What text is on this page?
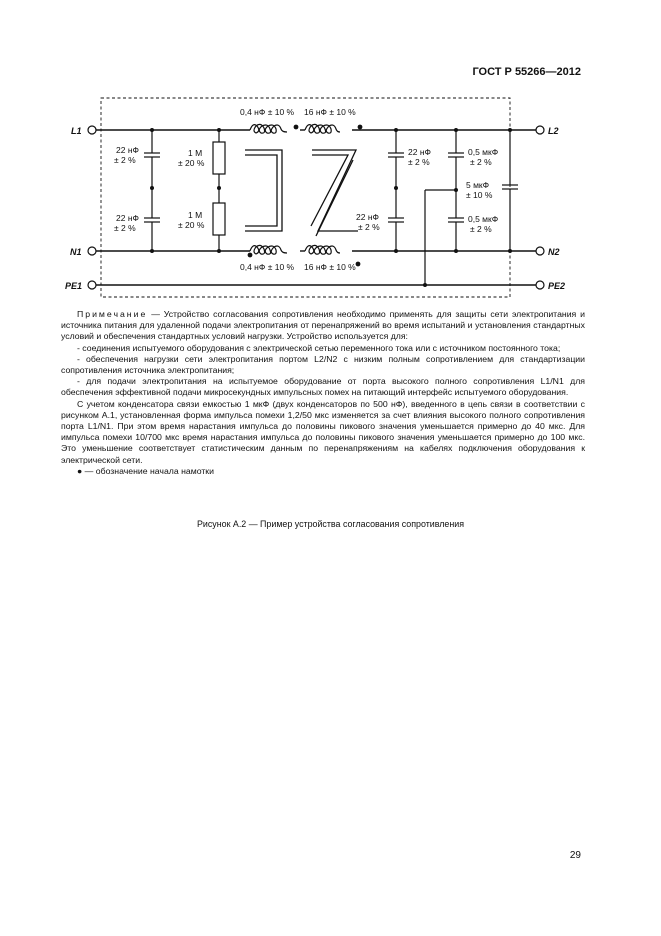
ГОСТ Р 55266—2012
L1
N1
PE1
L2
N2
PE2
0,4 нФ ± 10 % 16 нФ ± 10 %
0,4 нФ ± 10 % 16 нФ ± 10 %
22 нФ
± 2 %
22 нФ
± 2 %
1 М
± 20 %
1 М
± 20 %
22 нФ
± 2 %
22 нФ
± 2 %
0,5 мкФ
± 2 %
0,5 мкФ
± 2 %
5 мкФ
± 10 %

Примечание — Устройство согласования сопротивления необходимо применять для защиты сети электропитания и источника питания для удаленной подачи электропитания от перенапряжений во время испытаний и установления стандартных условий и обеспечения стандартных условий нагрузки. Устройство используется для:

- соединения испытуемого оборудования с электрической сетью переменного тока или с источником постоянного тока;

- обеспечения нагрузки сети электропитания портом L2/N2 с низким полным сопротивлением для стандартизации сопротивления источника электропитания;

- для подачи электропитания на испытуемое оборудование от порта высокого полного сопротивления L1/N1 для обеспечения эффективной подачи микросекундных импульсных помех на питающий интерфейс испытуемого оборудования.

С учетом конденсатора связи емкостью 1 мкФ (двух конденсаторов по 500 нФ), введенного в цепь связи в соответствии с рисунком А.1, установленная форма импульса помехи 1,2/50 мкс изменяется за счет влияния высокого полного сопротивления порта L1/N1. При этом время нарастания импульса до половины пикового значения уменьшается примерно до 40 мкс. Для импульса помехи 10/700 мкс время нарастания импульса до половины пикового значения уменьшается примерно до 100 мкс. Это уменьшение соответствует статистическим данным по перенапряжениям на кабелях подключения оборудования к электрической сети.

● — обозначение начала намотки

Рисунок А.2 — Пример устройства согласования сопротивления
29
